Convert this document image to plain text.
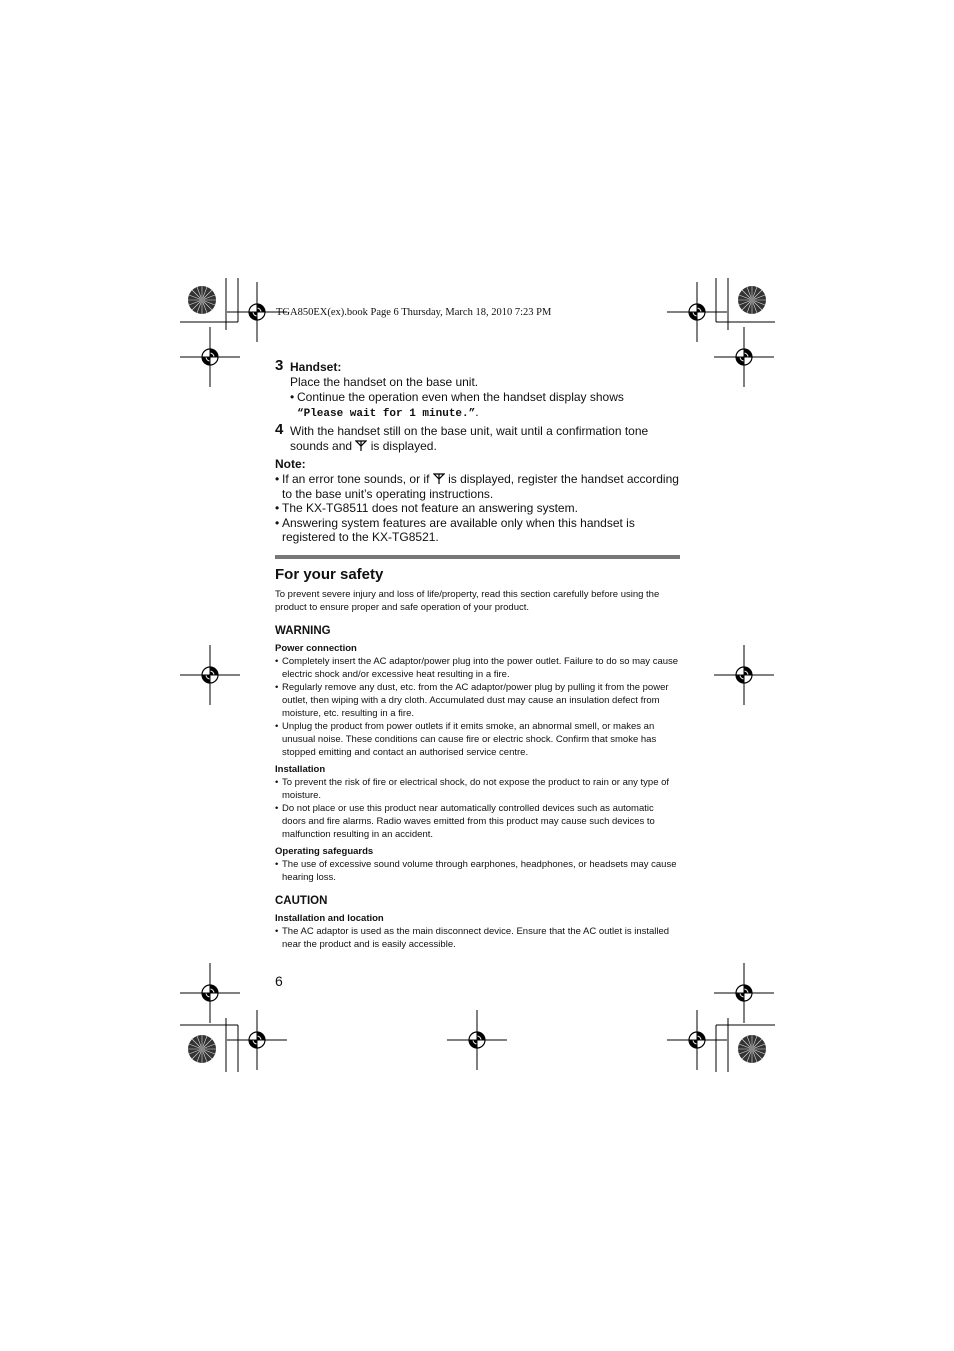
TGA850EX(ex).book Page 6 Thursday, March 18, 2010 7:23 PM
3 Handset:
Place the handset on the base unit.
• Continue the operation even when the handset display shows
“Please wait for 1 minute.”.
4 With the handset still on the base unit, wait until a confirmation tone sounds and is displayed.
Note:
• If an error tone sounds, or if is displayed, register the handset according to the base unit’s operating instructions.
• The KX-TG8511 does not feature an answering system.
• Answering system features are available only when this handset is registered to the KX-TG8521.
For your safety
To prevent severe injury and loss of life/property, read this section carefully before using the product to ensure proper and safe operation of your product.
WARNING
Power connection
• Completely insert the AC adaptor/power plug into the power outlet. Failure to do so may cause electric shock and/or excessive heat resulting in a fire.
• Regularly remove any dust, etc. from the AC adaptor/power plug by pulling it from the power outlet, then wiping with a dry cloth. Accumulated dust may cause an insulation defect from moisture, etc. resulting in a fire.
• Unplug the product from power outlets if it emits smoke, an abnormal smell, or makes an unusual noise. These conditions can cause fire or electric shock. Confirm that smoke has stopped emitting and contact an authorised service centre.
Installation
• To prevent the risk of fire or electrical shock, do not expose the product to rain or any type of moisture.
• Do not place or use this product near automatically controlled devices such as automatic doors and fire alarms. Radio waves emitted from this product may cause such devices to malfunction resulting in an accident.
Operating safeguards
• The use of excessive sound volume through earphones, headphones, or headsets may cause hearing loss.
CAUTION
Installation and location
• The AC adaptor is used as the main disconnect device. Ensure that the AC outlet is installed near the product and is easily accessible.
6
